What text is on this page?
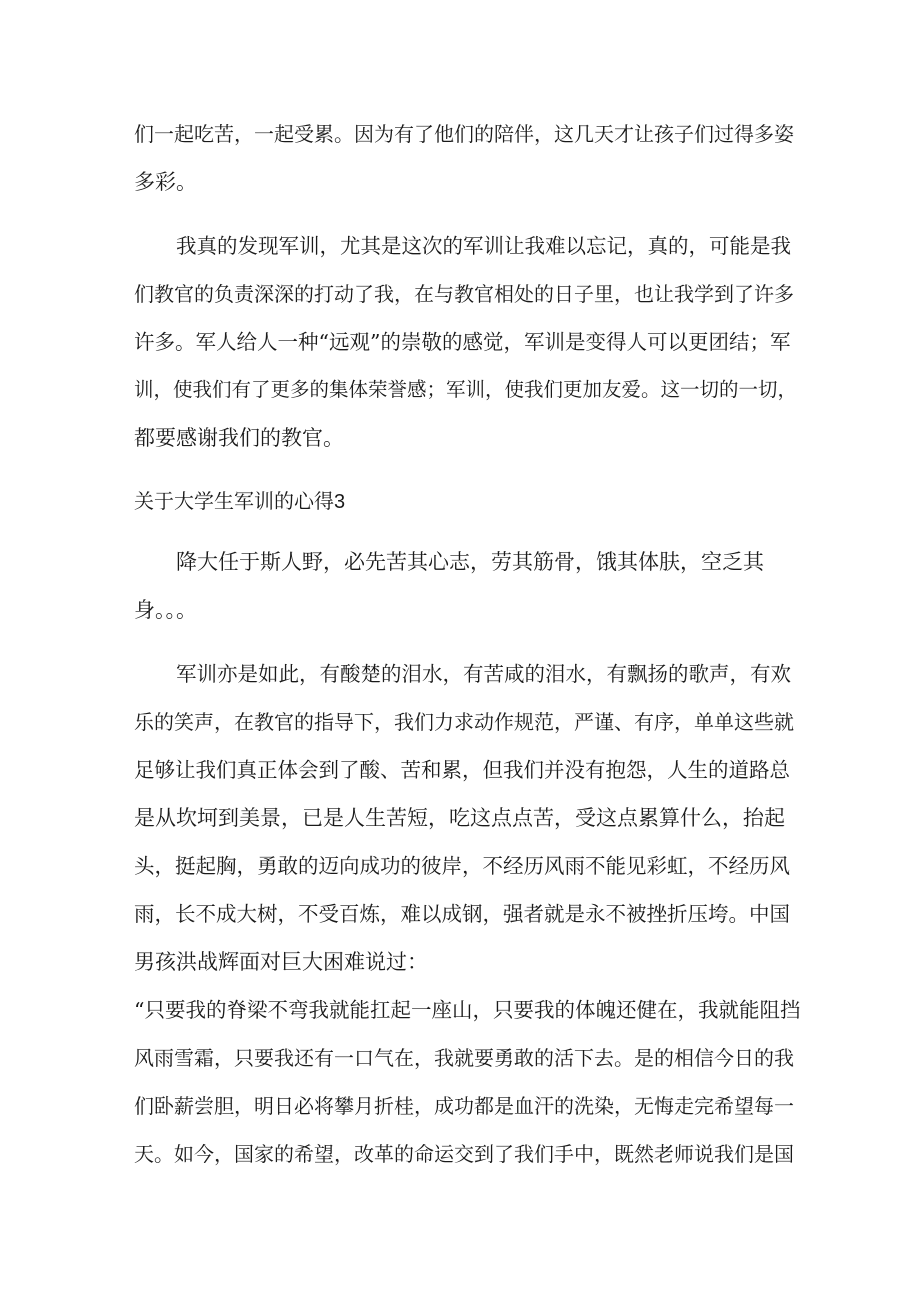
们一起吃苦，一起受累。因为有了他们的陪伴，这几天才让孩子们过得多姿
多彩。
我真的发现军训，尤其是这次的军训让我难以忘记，真的，可能是我
们教官的负责深深的打动了我，在与教官相处的日子里，也让我学到了许多
许多。军人给人一种“远观”的崇敬的感觉，军训是变得人可以更团结；军
训，使我们有了更多的集体荣誉感；军训，使我们更加友爱。这一切的一切，
都要感谢我们的教官。
关于大学生军训的心得3
降大任于斯人野，必先苦其心志，劳其筋骨，饿其体肤，空乏其
身。。。
军训亦是如此，有酸楚的泪水，有苦咸的泪水，有飘扬的歌声，有欢
乐的笑声，在教官的指导下，我们力求动作规范，严谨、有序，单单这些就
足够让我们真正体会到了酸、苦和累，但我们并没有抱怨，人生的道路总
是从坎坷到美景，已是人生苦短，吃这点点苦，受这点累算什么，抬起
头，挺起胸，勇敢的迈向成功的彼岸，不经历风雨不能见彩虹，不经历风
雨，长不成大树，不受百炼，难以成钢，强者就是永不被挫折压垮。中国
男孩洪战辉面对巨大困难说过：
“只要我的脊梁不弯我就能扛起一座山，只要我的体魄还健在，我就能阻挡
风雨雪霜，只要我还有一口气在，我就要勇敢的活下去。是的相信今日的我
们卧薪尝胆，明日必将攀月折桂，成功都是血汗的洗染，无悔走完希望每一
天。如今，国家的希望，改革的命运交到了我们手中，既然老师说我们是国
